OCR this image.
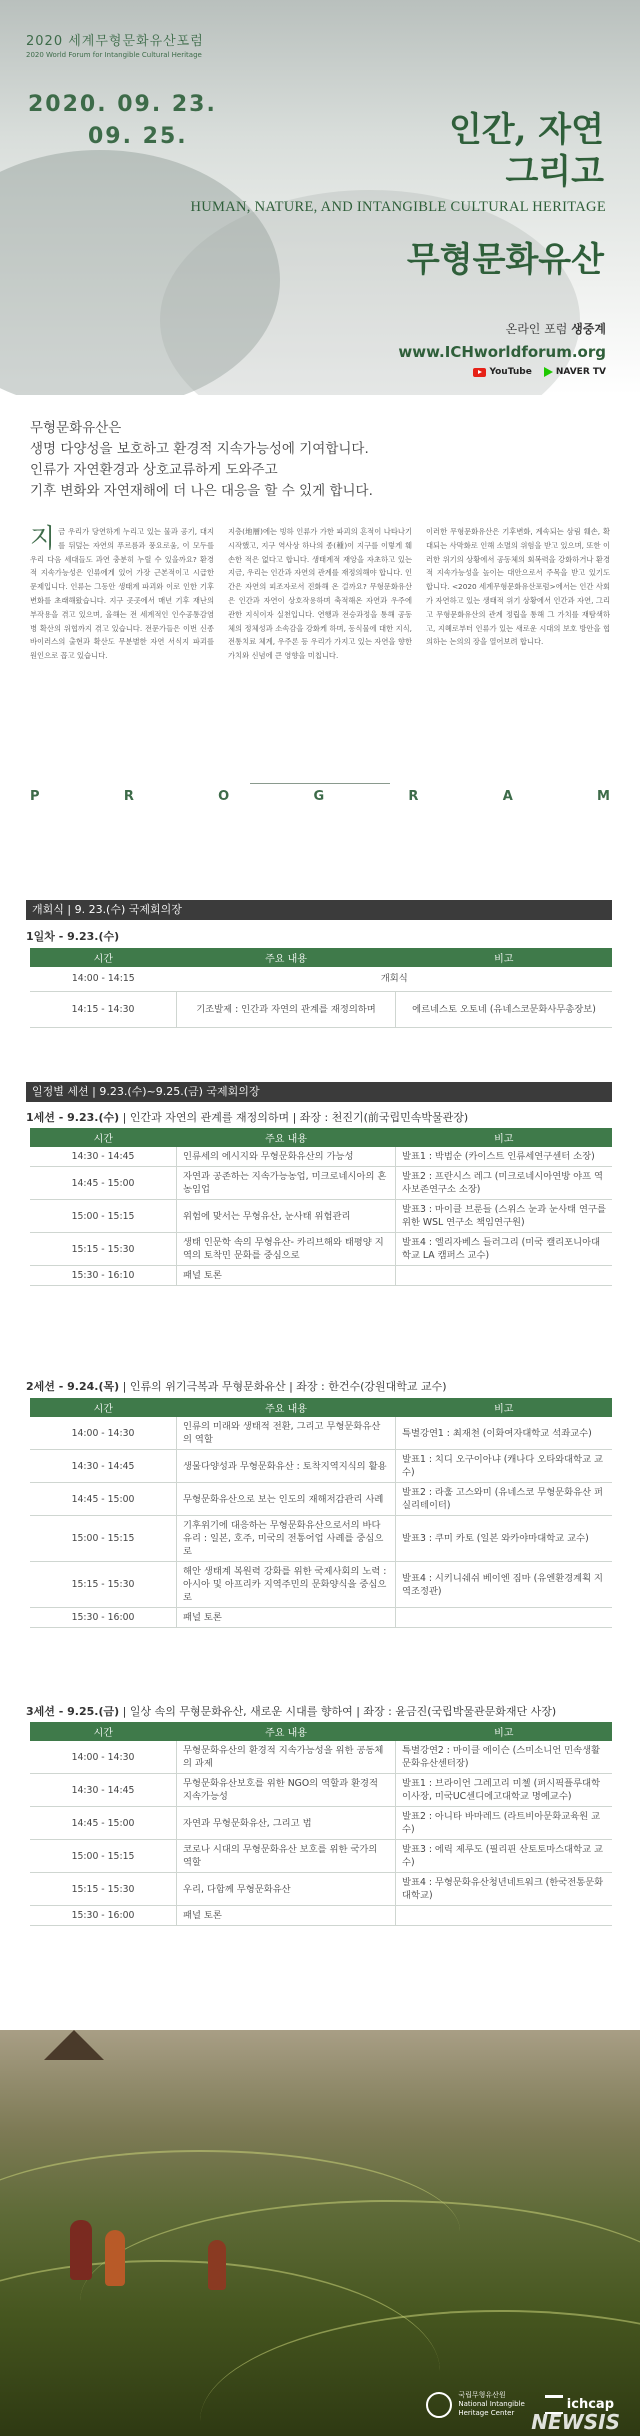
2020 세계무형문화유산포럼
2020 World Forum for Intangible Cultural Heritage
2020. 09. 23.
09. 25.	인간, 자연
그리고
HUMAN, NATURE, AND INTANGIBLE CULTURAL HERITAGE
무형문화유산
온라인 포럼 생중계
www.ICHworldforum.org
YouTube	NAVER TV
무형문화유산은
생명 다양성을 보호하고 환경적 지속가능성에 기여합니다.
인류가 자연환경과 상호교류하게 도와주고
기후 변화와 자연재해에 더 나은 대응을 할 수 있게 합니다.
지 금 우리가 당연하게 누리고 있는 물과 공기, 대지를 뒤덮는 자연의 푸르름과 풍요로움, 이 모두를 우리 다음 세대들도 과연 충분히 누릴 수 있을까요? 환경적 지속가능성은 인류에게 있어 가장 근본적이고 시급한 문제입니다. 인류는 그동안 생태계 파괴와 이로 인한 기후변화를 초래해왔습니다. 지구 곳곳에서 매년 기후 재난의 부작용을 겪고 있으며, 올해는 전 세계적인 인수공통감염병 확산의 위협까지 겪고 있습니다. 전문가들은 이번 신종바이러스의 출현과 확산도 무분별한 자연 서식지 파괴를 원인으로 꼽고 있습니다.
지층(地層)에는 빙하 인류가 가한 파괴의 흔적이 나타나기 시작했고, 지구 역사상 하나의 종(種)이 지구를 이렇게 훼손한 적은 없다고 합니다. 생태계적 재앙을 자초하고 있는 지금, 우리는 인간과 자연의 관계를 재정의해야 합니다. 인간은 자연의 피조자로서 진화해 온 걸까요? 무형문화유산은 인간과 자연이 상호작용하며 축적해온 자연과 우주에 관한 지식이자 실천입니다. 연행과 전승과정을 통해 공동체의 정체성과 소속감을 강화케 하며, 동식물에 대한 지식, 전통치료 체계, 우주론 등 우리가 가지고 있는 자연을 향한 가치와 신념에 큰 영향을 미칩니다.
이러한 무형문화유산은 기후변화, 계속되는 삼림 훼손, 확대되는 사막화로 인해 소멸의 위험을 받고 있으며, 또한 이러한 위기의 상황에서 공동체의 회복력을 강화하거나 환경적 지속가능성을 높이는 대안으로서 주목을 받고 있기도 합니다. <2020 세계무형문화유산포럼>에서는 인간 사회가 자연하고 있는 생태적 위기 상황에서 인간과 자연, 그리고 무형문화유산의 관계 정립을 통해 그 가치를 재탐색하고, 지혜로부터 인류가 있는 새로운 시대의 보호 방안을 협의하는 논의의 장을 열어보려 합니다.
P	R	O	G	R	A	M
개회식 | 9. 23.(수) 국제회의장
1일차 - 9.23.(수)
시간	주요 내용	비고
14:00 - 14:15	개회식	
14:15 - 14:30	기조발제 : 인간과 자연의 관계를 재정의하며	에르네스토 오토네 (유네스코문화사무총장보)
일정별 세션 | 9.23.(수)~9.25.(금) 국제회의장
1세션 - 9.23.(수) | 인간과 자연의 관계를 재정의하며 | 좌장 : 천진기(前국립민속박물관장)
시간	주요 내용	비고
14:30 - 14:45	인류세의 에시지와 무형문화유산의 가능성	발표1 : 박범순 (카이스트 인류세연구센터 소장)
14:45 - 15:00	자연과 공존하는 지속가능농업, 미크로네시아의 혼농임업	발표2 : 프란시스 레그 (미크로네시아연방 야프 역사보존연구소 소장)
15:00 - 15:15	위험에 맞서는 무형유산, 눈사태 위험관리	발표3 : 마이클 브룬들 (스위스 눈과 눈사태 연구를 위한 WSL 연구소 책임연구원)
15:15 - 15:30	생태 인문학 속의 무형유산- 카리브해와 태평양 지역의 토착민 문화를 중심으로	발표4 : 엘리자베스 들러그리 (미국 캘리포니아대학교 LA 캠퍼스 교수)
15:30 - 16:10	패널 토론	
2세션 - 9.24.(목) | 인류의 위기극복과 무형문화유산 | 좌장 : 한건수(강원대학교 교수)
시간	주요 내용	비고
14:00 - 14:30	인류의 미래와 생태적 전환, 그리고 무형문화유산의 역할	특별강연1 : 최재천 (이화여자대학교 석좌교수)
14:30 - 14:45	생물다양성과 무형문화유산 : 토착지역지식의 활용	발표1 : 치디 오구이아냐 (캐나다 오타와대학교 교수)
14:45 - 15:00	무형문화유산으로 보는 인도의 재해저감관리 사례	발표2 : 라훌 고스와미 (유네스코 무형문화유산 퍼실리테이터)
15:00 - 15:15	기후위기에 대응하는 무형문화유산으로서의 바다유리 : 일본, 호주, 미국의 전통어업 사례를 중심으로	발표3 : 쿠미 카토 (일본 와카야마대학교 교수)
15:15 - 15:30	해안 생태계 복원력 강화를 위한 국제사회의 노력 : 아시아 및 아프리카 지역주민의 문화양식을 중심으로	발표4 : 시키니쉐쉬 베이엔 짐마 (유엔환경계획 지역조정관)
15:30 - 16:00	패널 토론	
3세션 - 9.25.(금) | 일상 속의 무형문화유산, 새로운 시대를 향하여 | 좌장 : 윤금진(국립박물관문화재단 사장)
시간	주요 내용	비고
14:00 - 14:30	무형문화유산의 환경적 지속가능성을 위한 공동체의 과제	특별강연2 : 마이클 에이슨 (스미소니언 민속생활문화유산센터장)
14:30 - 14:45	무형문화유산보호를 위한 NGO의 역할과 환경적 지속가능성	발표1 : 브라이언 그레고리 미첼 (퍼시픽플루대학 이사장, 미국UC센디에고대학교 명예교수)
14:45 - 15:00	자연과 무형문화유산, 그리고 법	발표2 : 아니타 바마레드 (라트비아문화교육원 교수)
15:00 - 15:15	코로나 시대의 무형문화유산 보호를 위한 국가의 역할	발표3 : 에릭 제루도 (필리핀 산토토마스대학교 교수)
15:15 - 15:30	우리, 다함께 무형문화유산	발표4 : 무형문화유산청년네트워크 (한국전통문화대학교)
15:30 - 16:00	패널 토론	
국립무형유산원
National Intangible
Heritage Center
ichcap
NEWSIS
